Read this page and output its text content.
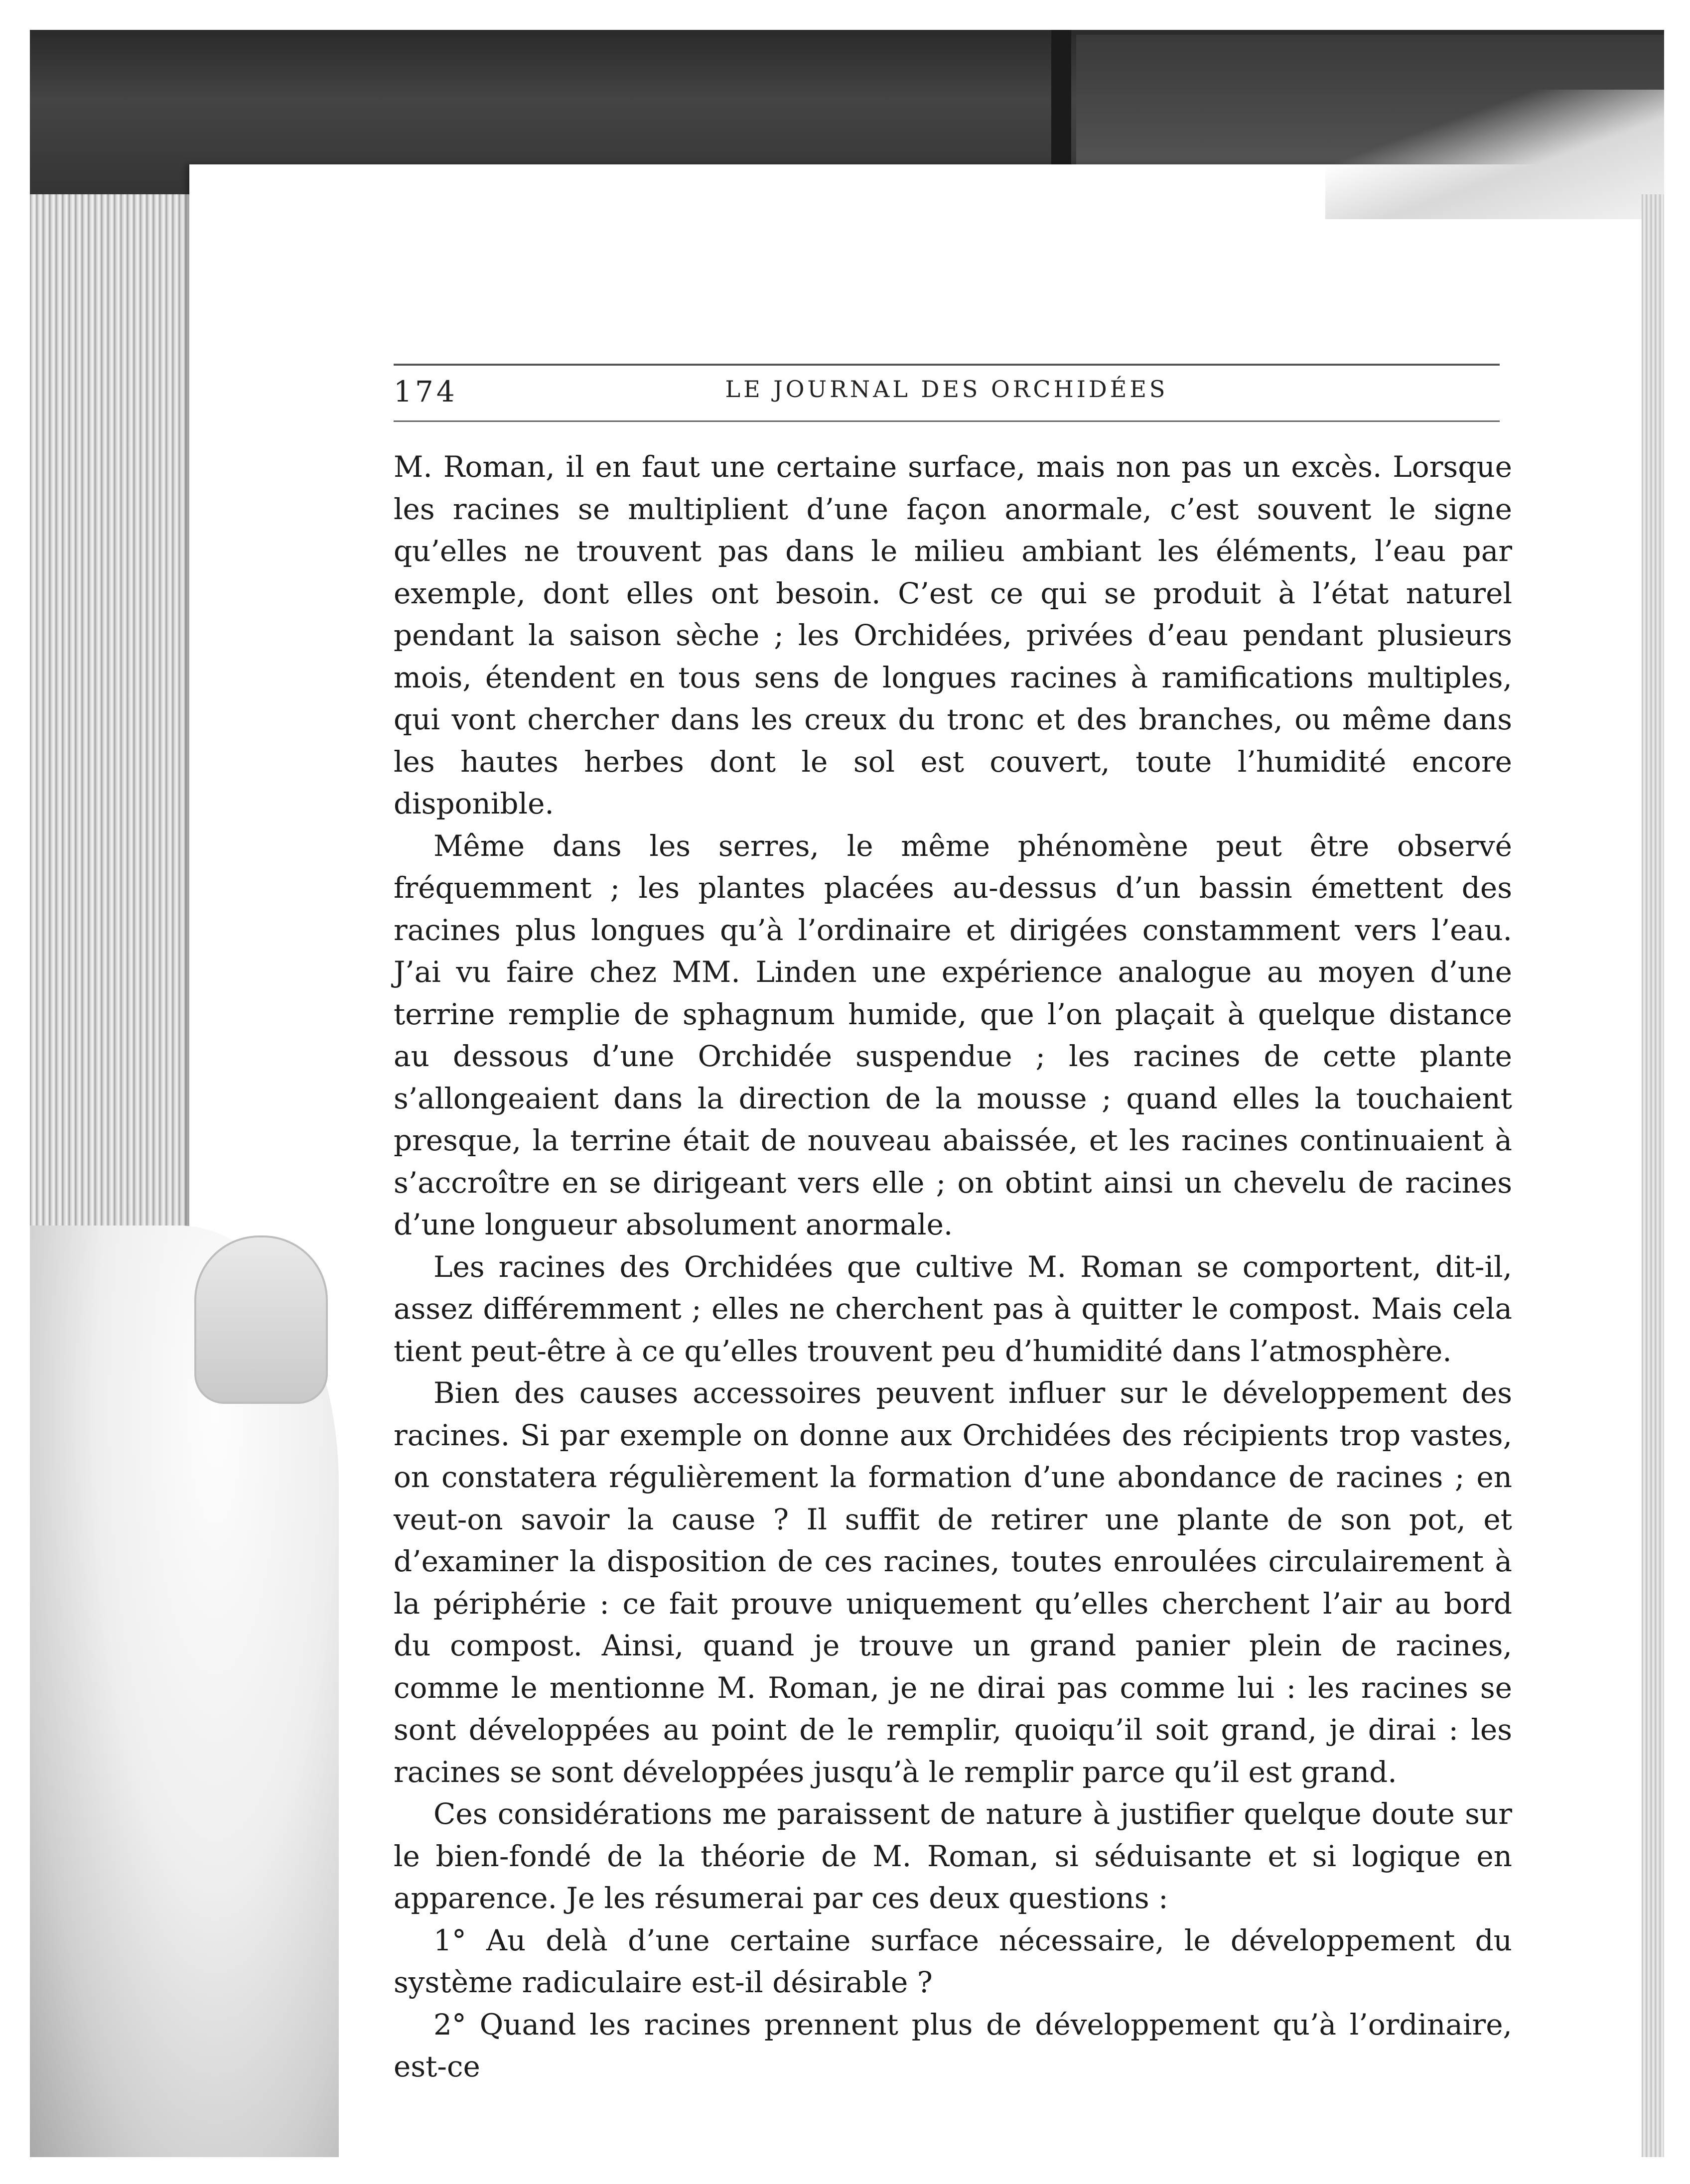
174	LE JOURNAL DES ORCHIDÉES

M. Roman, il en faut une certaine surface, mais non pas un excès. Lorsque les racines se multiplient d’une façon anormale, c’est souvent le signe qu’elles ne trouvent pas dans le milieu ambiant les éléments, l’eau par exemple, dont elles ont besoin. C’est ce qui se produit à l’état naturel pendant la saison sèche ; les Orchidées, privées d’eau pendant plusieurs mois, étendent en tous sens de longues racines à ramifications multiples, qui vont chercher dans les creux du tronc et des branches, ou même dans les hautes herbes dont le sol est couvert, toute l’humidité encore disponible.

Même dans les serres, le même phénomène peut être observé fréquemment ; les plantes placées au-dessus d’un bassin émettent des racines plus longues qu’à l’ordinaire et dirigées constamment vers l’eau. J’ai vu faire chez MM. Linden une expérience analogue au moyen d’une terrine remplie de sphagnum humide, que l’on plaçait à quelque distance au dessous d’une Orchidée suspendue ; les racines de cette plante s’allongeaient dans la direction de la mousse ; quand elles la touchaient presque, la terrine était de nouveau abaissée, et les racines continuaient à s’accroître en se dirigeant vers elle ; on obtint ainsi un chevelu de racines d’une longueur absolument anormale.

Les racines des Orchidées que cultive M. Roman se comportent, dit-il, assez différemment ; elles ne cherchent pas à quitter le compost. Mais cela tient peut-être à ce qu’elles trouvent peu d’humidité dans l’atmosphère.

Bien des causes accessoires peuvent influer sur le développement des racines. Si par exemple on donne aux Orchidées des récipients trop vastes, on constatera régulièrement la formation d’une abondance de racines ; en veut-on savoir la cause ? Il suffit de retirer une plante de son pot, et d’examiner la disposition de ces racines, toutes enroulées circulairement à la périphérie : ce fait prouve uniquement qu’elles cherchent l’air au bord du compost. Ainsi, quand je trouve un grand panier plein de racines, comme le mentionne M. Roman, je ne dirai pas comme lui : les racines se sont développées au point de le remplir, quoiqu’il soit grand, je dirai : les racines se sont développées jusqu’à le remplir parce qu’il est grand.

Ces considérations me paraissent de nature à justifier quelque doute sur le bien-fondé de la théorie de M. Roman, si séduisante et si logique en apparence. Je les résumerai par ces deux questions :

1° Au delà d’une certaine surface nécessaire, le développement du système radiculaire est-il désirable ?

2° Quand les racines prennent plus de développement qu’à l’ordinaire, est-ce
